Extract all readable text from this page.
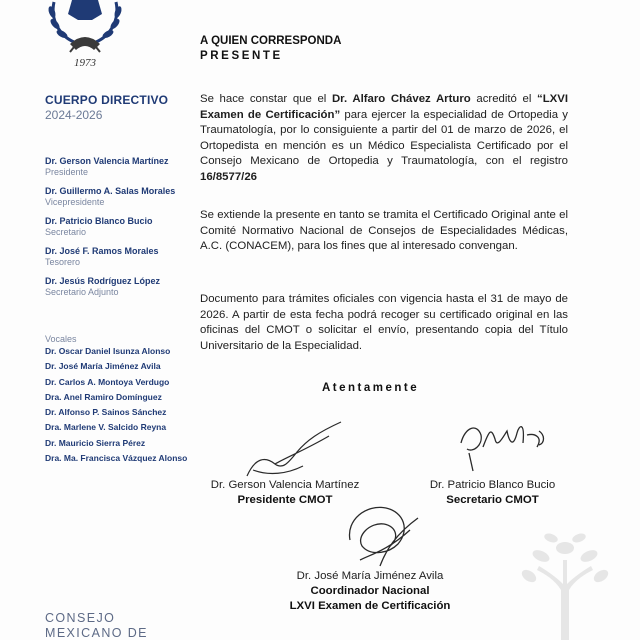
1973
CUERPO DIRECTIVO
2024-2026
Dr. Gerson Valencia Martínez
Presidente
Dr. Guillermo A. Salas Morales
Vicepresidente
Dr. Patricio Blanco Bucio
Secretario
Dr. José F. Ramos Morales
Tesorero
Dr. Jesús Rodríguez López
Secretario Adjunto
Vocales
Dr. Oscar Daniel Isunza Alonso
Dr. José María Jiménez Avila
Dr. Carlos A. Montoya Verdugo
Dra. Anel Ramiro Domínguez
Dr. Alfonso P. Sainos Sánchez
Dra. Marlene V. Salcido Reyna
Dr. Mauricio Sierra Pérez
Dra. Ma. Francisca Vázquez Alonso
CONSEJO
MEXICANO DE
A QUIEN CORRESPONDA
PRESENTE
Se hace constar que el Dr. Alfaro Chávez Arturo acreditó el “LXVI Examen de Certificación” para ejercer la especialidad de Ortopedia y Traumatología, por lo consiguiente a partir del 01 de marzo de 2026, el Ortopedista en mención es un Médico Especialista Certificado por el Consejo Mexicano de Ortopedia y Traumatología, con el registro 16/8577/26
Se extiende la presente en tanto se tramita el Certificado Original ante el Comité Normativo Nacional de Consejos de Especialidades Médicas, A.C. (CONACEM), para los fines que al interesado convengan.
Documento para trámites oficiales con vigencia hasta el 31 de mayo de 2026. A partir de esta fecha podrá recoger su certificado original en las oficinas del CMOT o solicitar el envío, presentando copia del Título Universitario de la Especialidad.
Atentamente
Dr. Gerson Valencia Martínez
Presidente CMOT
Dr. Patricio Blanco Bucio
Secretario CMOT
Dr. José María Jiménez Avila
Coordinador Nacional
LXVI Examen de Certificación
